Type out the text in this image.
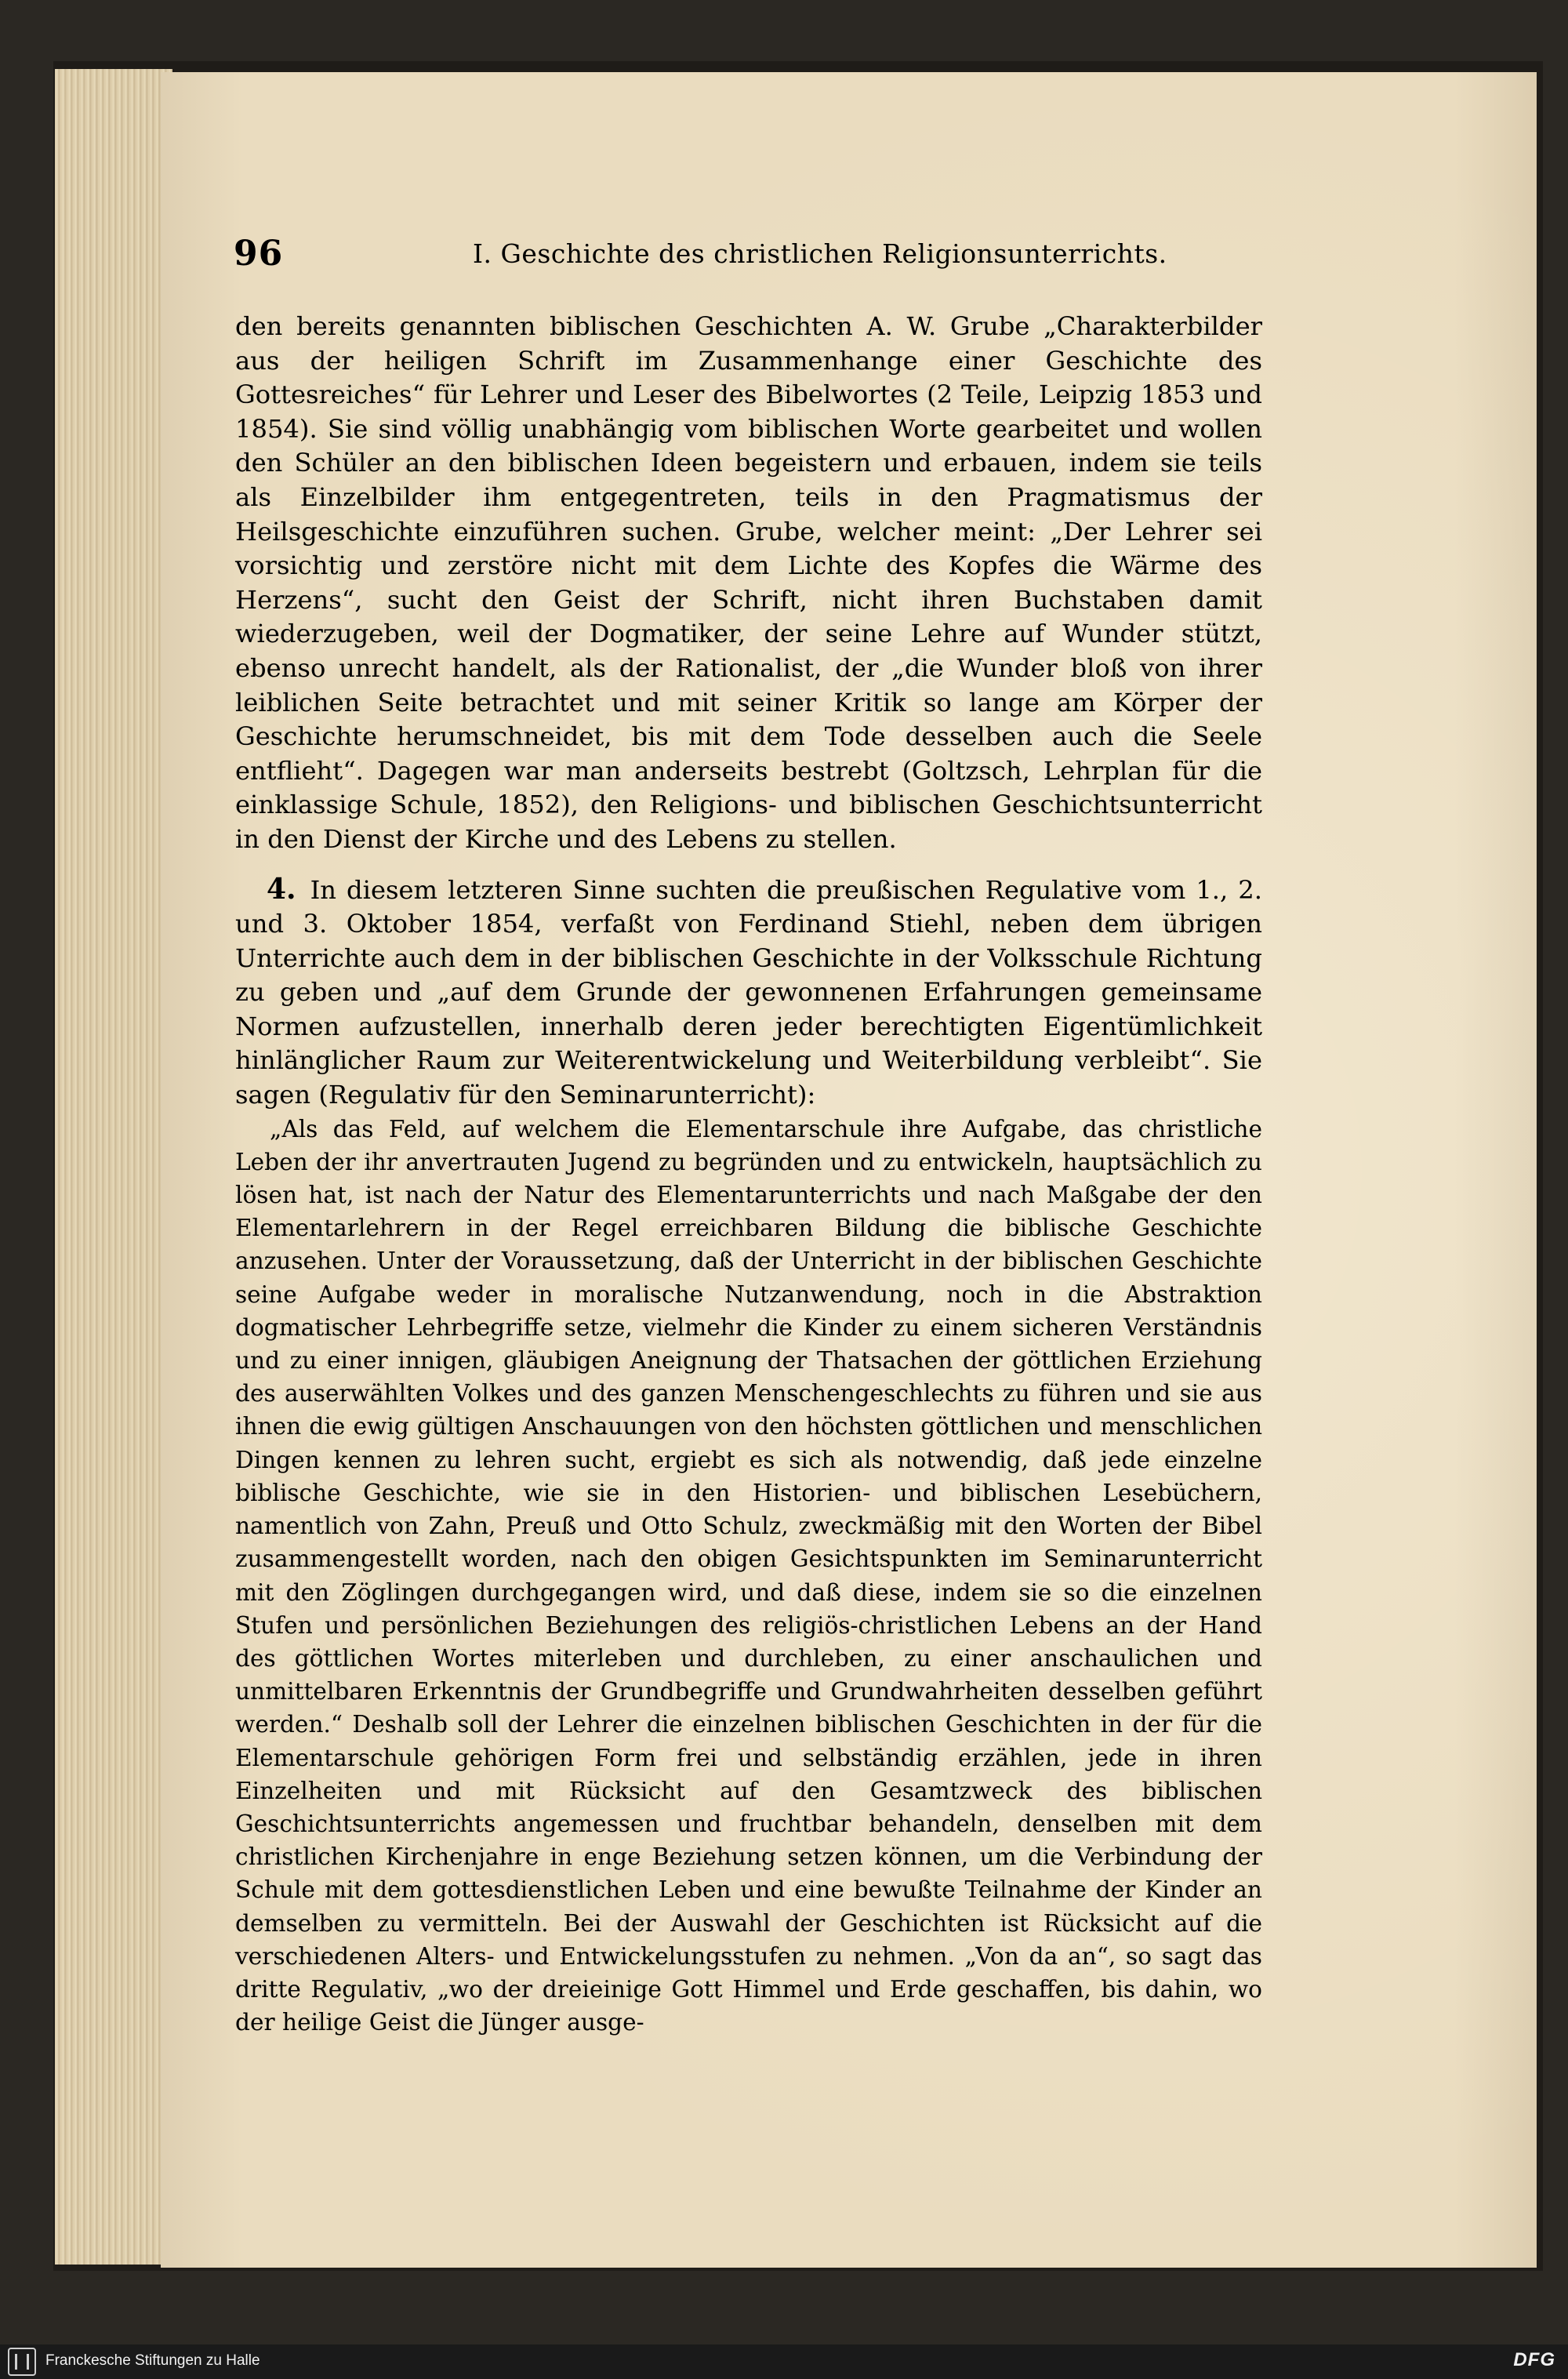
96	I. Geschichte des christlichen Religionsunterrichts.

den bereits genannten biblischen Geschichten A. W. Grube „Charakterbilder aus der heiligen Schrift im Zusammenhange einer Geschichte des Gottesreiches“ für Lehrer und Leser des Bibelwortes (2 Teile, Leipzig 1853 und 1854). Sie sind völlig unabhängig vom biblischen Worte gearbeitet und wollen den Schüler an den biblischen Ideen begeistern und erbauen, indem sie teils als Einzelbilder ihm entgegentreten, teils in den Pragmatismus der Heilsgeschichte einzuführen suchen. Grube, welcher meint: „Der Lehrer sei vorsichtig und zerstöre nicht mit dem Lichte des Kopfes die Wärme des Herzens“, sucht den Geist der Schrift, nicht ihren Buchstaben damit wiederzugeben, weil der Dogmatiker, der seine Lehre auf Wunder stützt, ebenso unrecht handelt, als der Rationalist, der „die Wunder bloß von ihrer leiblichen Seite betrachtet und mit seiner Kritik so lange am Körper der Geschichte herumschneidet, bis mit dem Tode desselben auch die Seele entflieht“. Dagegen war man anderseits bestrebt (Goltzsch, Lehrplan für die einklassige Schule, 1852), den Religions- und biblischen Geschichtsunterricht in den Dienst der Kirche und des Lebens zu stellen.

4. In diesem letzteren Sinne suchten die preußischen Regulative vom 1., 2. und 3. Oktober 1854, verfaßt von Ferdinand Stiehl, neben dem übrigen Unterrichte auch dem in der biblischen Geschichte in der Volksschule Richtung zu geben und „auf dem Grunde der gewonnenen Erfahrungen gemeinsame Normen aufzustellen, innerhalb deren jeder berechtigten Eigentümlichkeit hinlänglicher Raum zur Weiterentwickelung und Weiterbildung verbleibt“. Sie sagen (Regulativ für den Seminarunterricht):

„Als das Feld, auf welchem die Elementarschule ihre Aufgabe, das christliche Leben der ihr anvertrauten Jugend zu begründen und zu entwickeln, hauptsächlich zu lösen hat, ist nach der Natur des Elementarunterrichts und nach Maßgabe der den Elementarlehrern in der Regel erreichbaren Bildung die biblische Geschichte anzusehen. Unter der Voraussetzung, daß der Unterricht in der biblischen Geschichte seine Aufgabe weder in moralische Nutzanwendung, noch in die Abstraktion dogmatischer Lehrbegriffe setze, vielmehr die Kinder zu einem sicheren Verständnis und zu einer innigen, gläubigen Aneignung der Thatsachen der göttlichen Erziehung des auserwählten Volkes und des ganzen Menschengeschlechts zu führen und sie aus ihnen die ewig gültigen Anschauungen von den höchsten göttlichen und menschlichen Dingen kennen zu lehren sucht, ergiebt es sich als notwendig, daß jede einzelne biblische Geschichte, wie sie in den Historien- und biblischen Lesebüchern, namentlich von Zahn, Preuß und Otto Schulz, zweckmäßig mit den Worten der Bibel zusammengestellt worden, nach den obigen Gesichtspunkten im Seminarunterricht mit den Zöglingen durchgegangen wird, und daß diese, indem sie so die einzelnen Stufen und persönlichen Beziehungen des religiös-christlichen Lebens an der Hand des göttlichen Wortes miterleben und durchleben, zu einer anschaulichen und unmittelbaren Erkenntnis der Grundbegriffe und Grundwahrheiten desselben geführt werden.“ Deshalb soll der Lehrer die einzelnen biblischen Geschichten in der für die Elementarschule gehörigen Form frei und selbständig erzählen, jede in ihren Einzelheiten und mit Rücksicht auf den Gesamtzweck des biblischen Geschichtsunterrichts angemessen und fruchtbar behandeln, denselben mit dem christlichen Kirchenjahre in enge Beziehung setzen können, um die Verbindung der Schule mit dem gottesdienstlichen Leben und eine bewußte Teilnahme der Kinder an demselben zu vermitteln. Bei der Auswahl der Geschichten ist Rücksicht auf die verschiedenen Alters- und Entwickelungsstufen zu nehmen. „Von da an“, so sagt das dritte Regulativ, „wo der dreieinige Gott Himmel und Erde geschaffen, bis dahin, wo der heilige Geist die Jünger ausge-

Franckesche Stiftungen zu Halle	DFG
